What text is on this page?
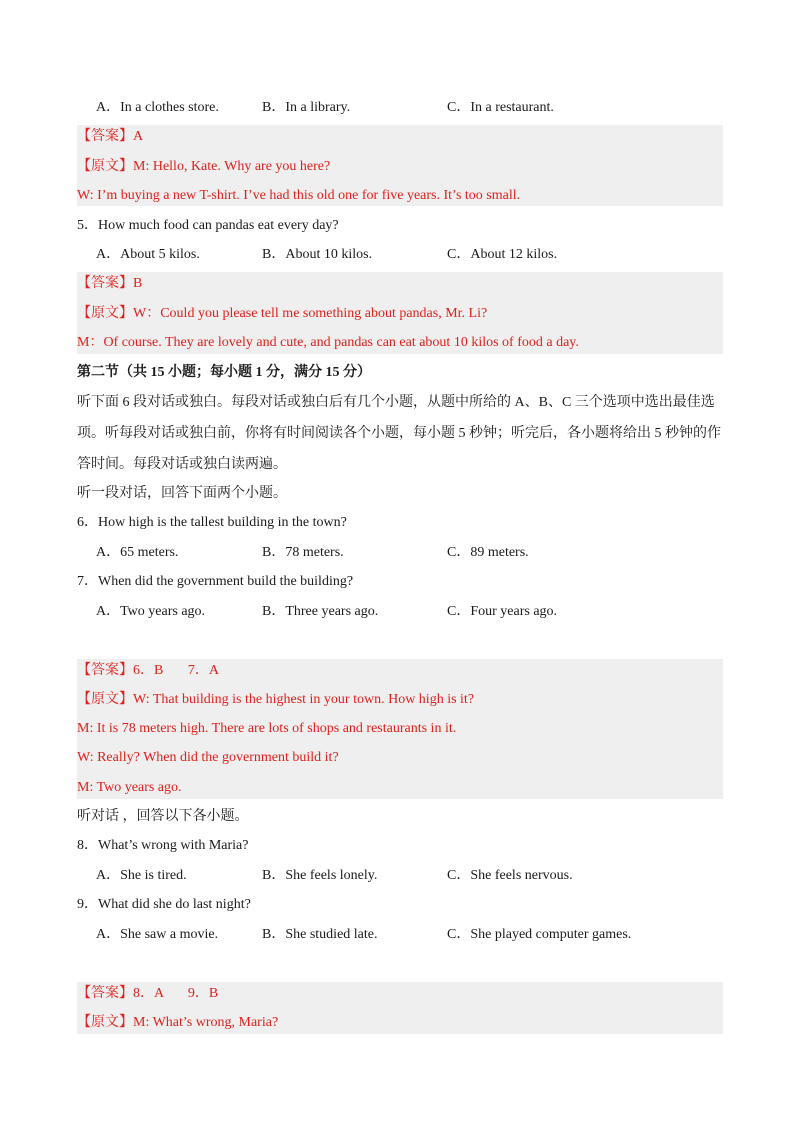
A．In a clothes store.	B．In a library.	C．In a restaurant.
【答案】A
【原文】M: Hello, Kate. Why are you here?
W: I’m buying a new T-shirt. I’ve had this old one for five years. It’s too small.
5．How much food can pandas eat every day?
A．About 5 kilos.	B．About 10 kilos.	C．About 12 kilos.
【答案】B
【原文】W：Could you please tell me something about pandas, Mr. Li?
M：Of course. They are lovely and cute, and pandas can eat about 10 kilos of food a day.
第二节（共 15 小题；每小题 1 分，满分 15 分）
听下面 6 段对话或独白。每段对话或独白后有几个小题，从题中所给的 A、B、C 三个选项中选出最佳选
项。听每段对话或独白前，你将有时间阅读各个小题，每小题 5 秒钟；听完后，各小题将给出 5 秒钟的作
答时间。每段对话或独白读两遍。
听一段对话，回答下面两个小题。
6．How high is the tallest building in the town?
A．65 meters.	B．78 meters.	C．89 meters.
7．When did the government build the building?
A．Two years ago.	B．Three years ago.	C．Four years ago.
【答案】6．B       7．A
【原文】W: That building is the highest in your town. How high is it?
M: It is 78 meters high. There are lots of shops and restaurants in it.
W: Really? When did the government build it?
M: Two years ago.
听对话 ，回答以下各小题。
8．What’s wrong with Maria?
A．She is tired.	B．She feels lonely.	C．She feels nervous.
9．What did she do last night?
A．She saw a movie.	B．She studied late.	C．She played computer games.
【答案】8．A       9．B
【原文】M: What’s wrong, Maria?
